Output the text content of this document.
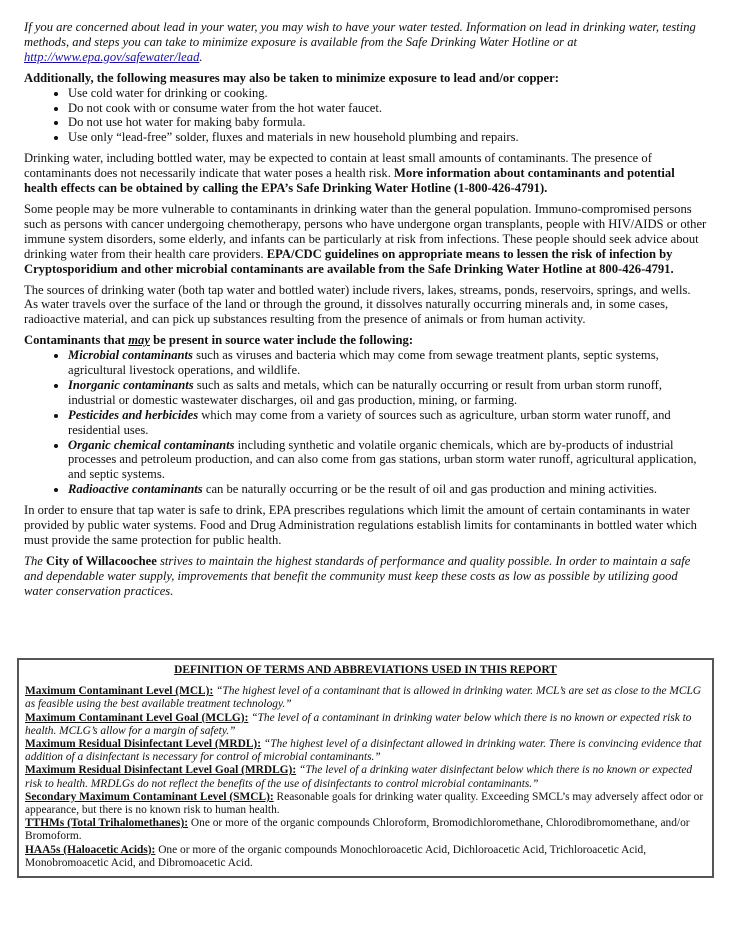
If you are concerned about lead in your water, you may wish to have your water tested. Information on lead in drinking water, testing methods, and steps you can take to minimize exposure is available from the Safe Drinking Water Hotline or at http://www.epa.gov/safewater/lead.

Additionally, the following measures may also be taken to minimize exposure to lead and/or copper:
• Use cold water for drinking or cooking.
• Do not cook with or consume water from the hot water faucet.
• Do not use hot water for making baby formula.
• Use only “lead-free” solder, fluxes and materials in new household plumbing and repairs.

Drinking water, including bottled water, may be expected to contain at least small amounts of contaminants. The presence of contaminants does not necessarily indicate that water poses a health risk. More information about contaminants and potential health effects can be obtained by calling the EPA’s Safe Drinking Water Hotline (1-800-426-4791).

Some people may be more vulnerable to contaminants in drinking water than the general population. Immuno-compromised persons such as persons with cancer undergoing chemotherapy, persons who have undergone organ transplants, people with HIV/AIDS or other immune system disorders, some elderly, and infants can be particularly at risk from infections. These people should seek advice about drinking water from their health care providers. EPA/CDC guidelines on appropriate means to lessen the risk of infection by Cryptosporidium and other microbial contaminants are available from the Safe Drinking Water Hotline at 800-426-4791.

The sources of drinking water (both tap water and bottled water) include rivers, lakes, streams, ponds, reservoirs, springs, and wells. As water travels over the surface of the land or through the ground, it dissolves naturally occurring minerals and, in some cases, radioactive material, and can pick up substances resulting from the presence of animals or from human activity.

Contaminants that may be present in source water include the following:
• Microbial contaminants such as viruses and bacteria which may come from sewage treatment plants, septic systems, agricultural livestock operations, and wildlife.
• Inorganic contaminants such as salts and metals, which can be naturally occurring or result from urban storm runoff, industrial or domestic wastewater discharges, oil and gas production, mining, or farming.
• Pesticides and herbicides which may come from a variety of sources such as agriculture, urban storm water runoff, and residential uses.
• Organic chemical contaminants including synthetic and volatile organic chemicals, which are by-products of industrial processes and petroleum production, and can also come from gas stations, urban storm water runoff, agricultural application, and septic systems.
• Radioactive contaminants can be naturally occurring or be the result of oil and gas production and mining activities.

In order to ensure that tap water is safe to drink, EPA prescribes regulations which limit the amount of certain contaminants in water provided by public water systems. Food and Drug Administration regulations establish limits for contaminants in bottled water which must provide the same protection for public health.

The City of Willacoochee strives to maintain the highest standards of performance and quality possible. In order to maintain a safe and dependable water supply, improvements that benefit the community must keep these costs as low as possible by utilizing good water conservation practices.

DEFINITION OF TERMS AND ABBREVIATIONS USED IN THIS REPORT
Maximum Contaminant Level (MCL): “The highest level of a contaminant that is allowed in drinking water. MCL’s are set as close to the MCLG as feasible using the best available treatment technology.”
Maximum Contaminant Level Goal (MCLG): “The level of a contaminant in drinking water below which there is no known or expected risk to health. MCLG’s allow for a margin of safety.”
Maximum Residual Disinfectant Level (MRDL): “The highest level of a disinfectant allowed in drinking water. There is convincing evidence that addition of a disinfectant is necessary for control of microbial contaminants.”
Maximum Residual Disinfectant Level Goal (MRDLG): “The level of a drinking water disinfectant below which there is no known or expected risk to health. MRDLGs do not reflect the benefits of the use of disinfectants to control microbial contaminants.”
Secondary Maximum Contaminant Level (SMCL): Reasonable goals for drinking water quality. Exceeding SMCL’s may adversely affect odor or appearance, but there is no known risk to human health.
TTHMs (Total Trihalomethanes): One or more of the organic compounds Chloroform, Bromodichloromethane, Chlorodibromomethane, and/or Bromoform.
HAA5s (Haloacetic Acids): One or more of the organic compounds Monochloroacetic Acid, Dichloroacetic Acid, Trichloroacetic Acid, Monobromoacetic Acid, and Dibromoacetic Acid.
